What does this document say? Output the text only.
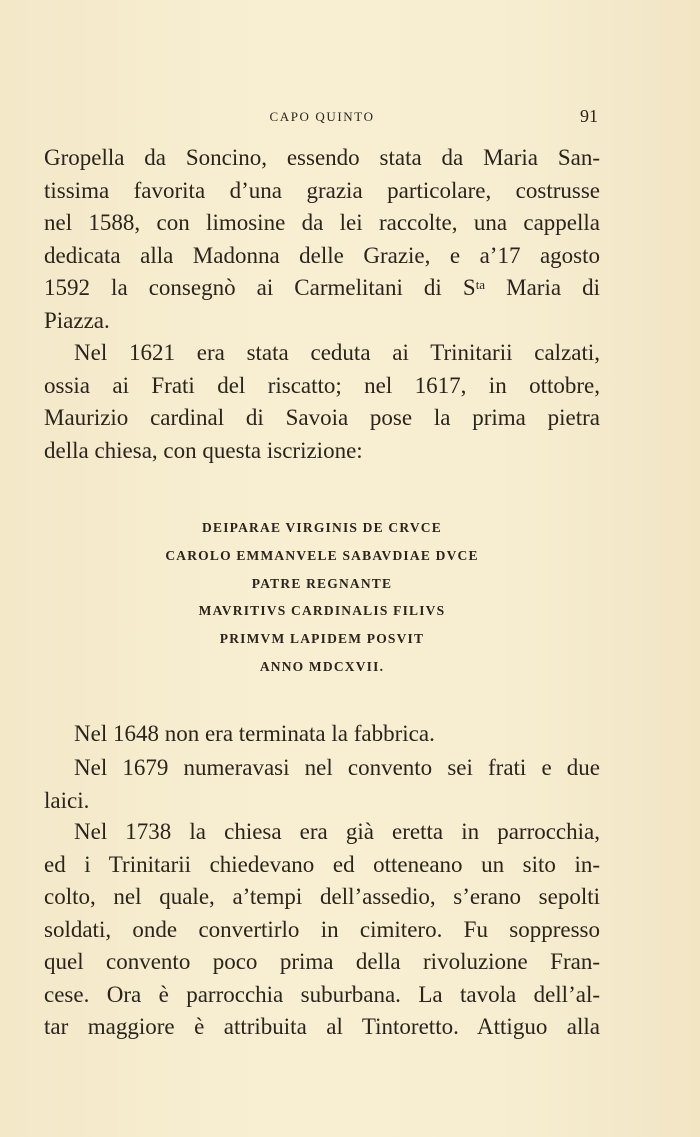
CAPO QUINTO	91
Gropella da Soncino, essendo stata da Maria San-
tissima favorita d’una grazia particolare, costrusse
nel 1588, con limosine da lei raccolte, una cappella
dedicata alla Madonna delle Grazie, e a’17 agosto
1592 la consegnò ai Carmelitani di $S^{ta}$ Maria di
Piazza.
Nel 1621 era stata ceduta ai Trinitarii calzati,
ossia ai Frati del riscatto; nel 1617, in ottobre,
Maurizio cardinal di Savoia pose la prima pietra
della chiesa, con questa iscrizione:
DEIPARAE VIRGINIS DE CRVCE
CAROLO EMMANVELE SABAVDIAE DVCE
PATRE REGNANTE
MAVRITIVS CARDINALIS FILIVS
PRIMVM LAPIDEM POSVIT
ANNO MDCXVII.
Nel 1648 non era terminata la fabbrica.
Nel 1679 numeravasi nel convento sei frati e due
laici.
Nel 1738 la chiesa era già eretta in parrocchia,
ed i Trinitarii chiedevano ed otteneano un sito in-
colto, nel quale, a’tempi dell’assedio, s’erano sepolti
soldati, onde convertirlo in cimitero. Fu soppresso
quel convento poco prima della rivoluzione Fran-
cese. Ora è parrocchia suburbana. La tavola dell’al-
tar maggiore è attribuita al Tintoretto. Attiguo alla
